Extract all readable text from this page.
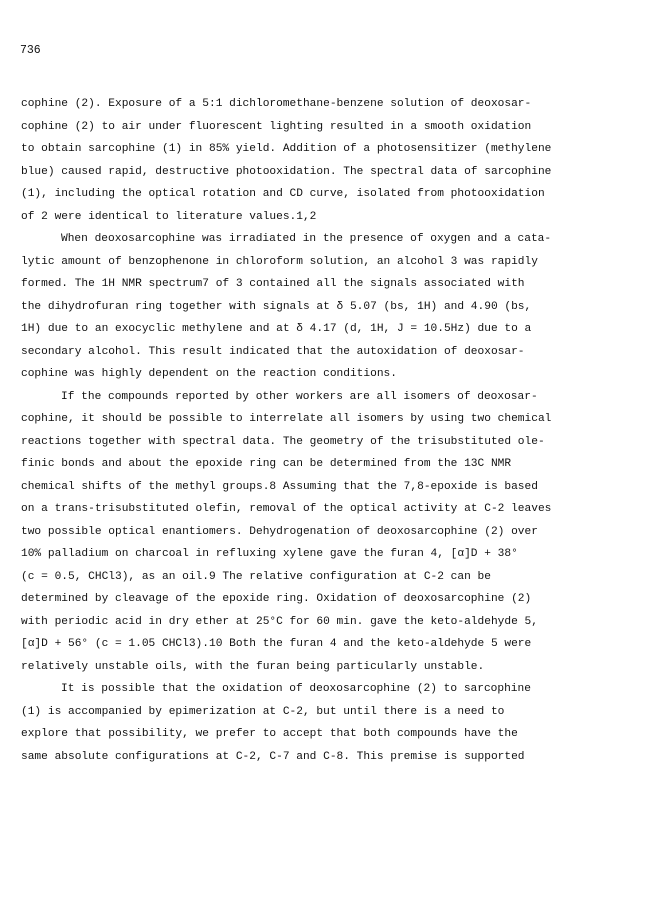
736

cophine (2). Exposure of a 5:1 dichloromethane-benzene solution of deoxosar-
cophine (2) to air under fluorescent lighting resulted in a smooth oxidation
to obtain sarcophine (1) in 85% yield. Addition of a photosensitizer (methylene
blue) caused rapid, destructive photooxidation. The spectral data of sarcophine
(1), including the optical rotation and CD curve, isolated from photooxidation
of 2 were identical to literature values.1,2

When deoxosarcophine was irradiated in the presence of oxygen and a cata-
lytic amount of benzophenone in chloroform solution, an alcohol 3 was rapidly
formed. The 1H NMR spectrum7 of 3 contained all the signals associated with
the dihydrofuran ring together with signals at δ 5.07 (bs, 1H) and 4.90 (bs,
1H) due to an exocyclic methylene and at δ 4.17 (d, 1H, J = 10.5Hz) due to a
secondary alcohol. This result indicated that the autoxidation of deoxosar-
cophine was highly dependent on the reaction conditions.

If the compounds reported by other workers are all isomers of deoxosar-
cophine, it should be possible to interrelate all isomers by using two chemical
reactions together with spectral data. The geometry of the trisubstituted ole-
finic bonds and about the epoxide ring can be determined from the 13C NMR
chemical shifts of the methyl groups.8 Assuming that the 7,8-epoxide is based
on a trans-trisubstituted olefin, removal of the optical activity at C-2 leaves
two possible optical enantiomers. Dehydrogenation of deoxosarcophine (2) over
10% palladium on charcoal in refluxing xylene gave the furan 4, [α]D + 38°
(c = 0.5, CHCl3), as an oil.9 The relative configuration at C-2 can be
determined by cleavage of the epoxide ring. Oxidation of deoxosarcophine (2)
with periodic acid in dry ether at 25°C for 60 min. gave the keto-aldehyde 5,
[α]D + 56° (c = 1.05 CHCl3).10 Both the furan 4 and the keto-aldehyde 5 were
relatively unstable oils, with the furan being particularly unstable.

It is possible that the oxidation of deoxosarcophine (2) to sarcophine
(1) is accompanied by epimerization at C-2, but until there is a need to
explore that possibility, we prefer to accept that both compounds have the
same absolute configurations at C-2, C-7 and C-8. This premise is supported
